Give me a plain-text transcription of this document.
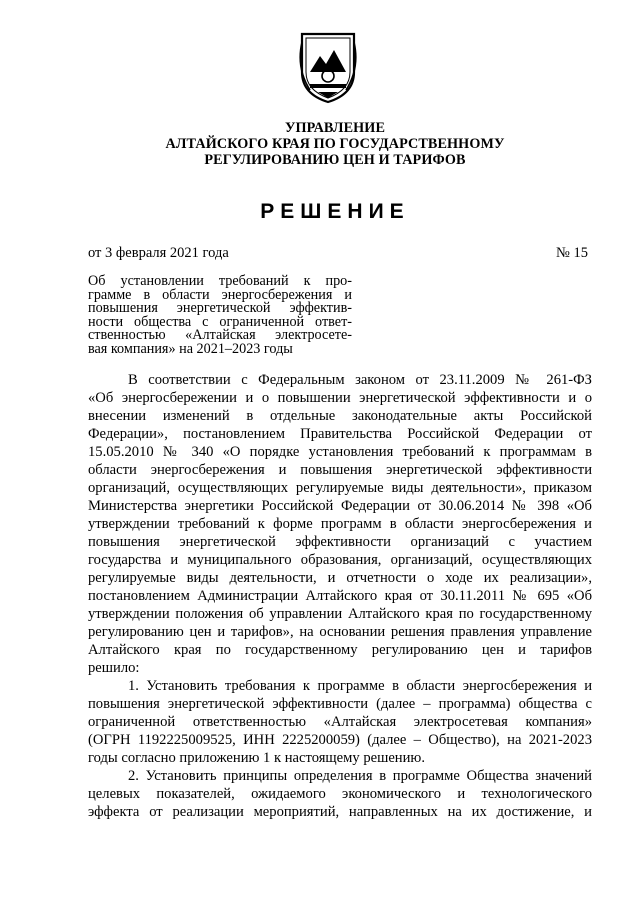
УПРАВЛЕНИЕ
АЛТАЙСКОГО КРАЯ ПО ГОСУДАРСТВЕННОМУ
РЕГУЛИРОВАНИЮ ЦЕН И ТАРИФОВ
РЕШЕНИЕ
от 3 февраля 2021 года	№ 15
Об установлении требований к про-
грамме в области энергосбережения и
повышения энергетической эффектив-
ности общества с ограниченной ответ-
ственностью «Алтайская электросете-
вая компания» на 2021–2023 годы
В соответствии с Федеральным законом от 23.11.2009 № 261-ФЗ
«Об энергосбережении и о повышении энергетической эффективности и о
внесении изменений в отдельные законодательные акты Российской
Федерации», постановлением Правительства Российской Федерации от
15.05.2010 № 340 «О порядке установления требований к программам в
области энергосбережения и повышения энергетической эффективности
организаций, осуществляющих регулируемые виды деятельности», приказом
Министерства энергетики Российской Федерации от 30.06.2014 № 398 «Об
утверждении требований к форме программ в области энергосбережения и
повышения энергетической эффективности организаций с участием
государства и муниципального образования, организаций, осуществляющих
регулируемые виды деятельности, и отчетности о ходе их реализации»,
постановлением Администрации Алтайского края от 30.11.2011 № 695 «Об
утверждении положения об управлении Алтайского края по государственному
регулированию цен и тарифов», на основании решения правления управление
Алтайского края по государственному регулированию цен и тарифов
решило:
1. Установить требования к программе в области энергосбережения и
повышения энергетической эффективности (далее – программа) общества с
ограниченной ответственностью «Алтайская электросетевая компания»
(ОГРН 1192225009525, ИНН 2225200059) (далее – Общество), на 2021-2023
годы согласно приложению 1 к настоящему решению.
2. Установить принципы определения в программе Общества значений
целевых показателей, ожидаемого экономического и технологического
эффекта от реализации мероприятий, направленных на их достижение, и
